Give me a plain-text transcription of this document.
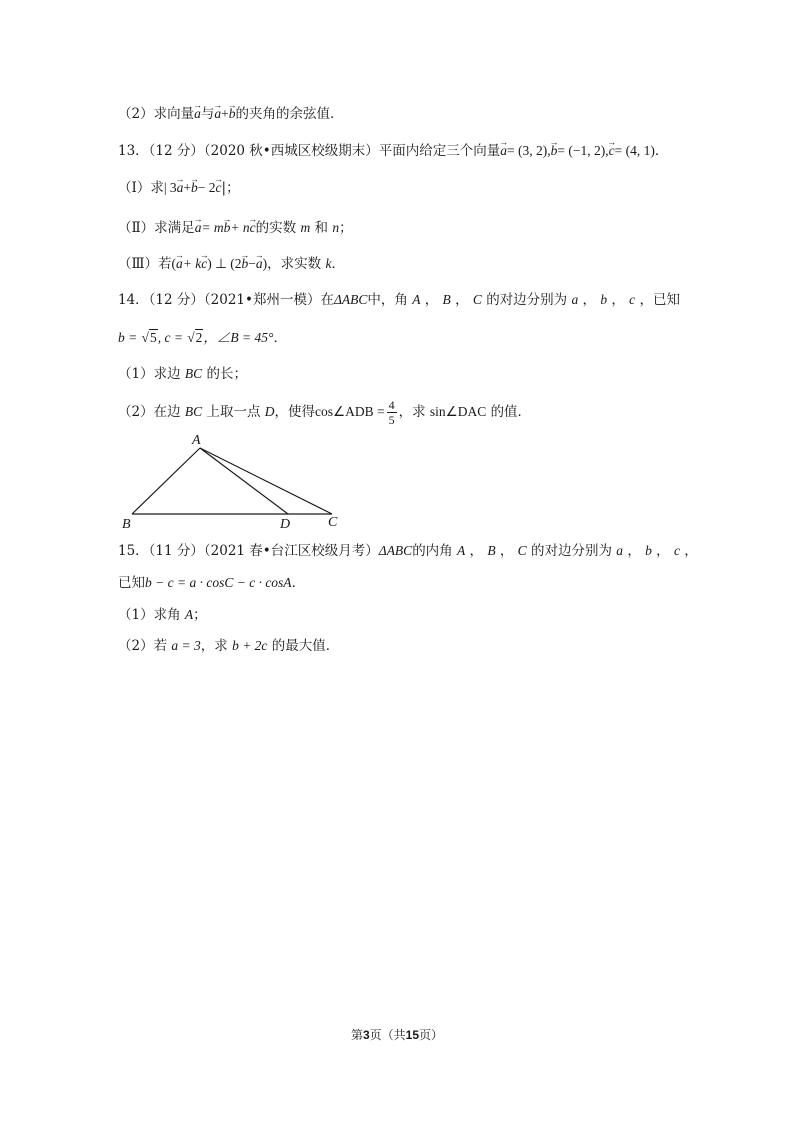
（2）求向量→ a与→ a+→ b的夹角的余弦值．
13．（12 分）（2020 秋•西城区校级期末）平面内给定三个向量→ a= (3, 2),→ b= (−1, 2),→ c= (4, 1)．
（Ⅰ）求| 3→ a+→ b− 2→ c|；
（Ⅱ）求满足→ a= m→ b+ n→ c的实数 m 和 n；
（Ⅲ）若(→ a+ k→ c) ⊥ (2→ b−→ a)，求实数 k．
14．（12 分）（2021•郑州一模）在ΔABC中，角 A ， B ， C 的对边分别为 a ， b ， c ，已知
b = √5, c = √2，∠B = 45°．
（1）求边 BC 的长；
（2）在边 BC 上取一点 D，使得cos∠ADB = $\frac{4}{5}$ ，求 sin∠DAC 的值．
A
B	D	C
15．（11 分）（2021 春•台江区校级月考）ΔABC的内角 A ， B ， C 的对边分别为 a ， b ， c ，
已知b − c = a · cosC − c · cosA．
（1）求角 A；
（2）若 a = 3，求 b + 2c 的最大值．
第3页（共15页）
